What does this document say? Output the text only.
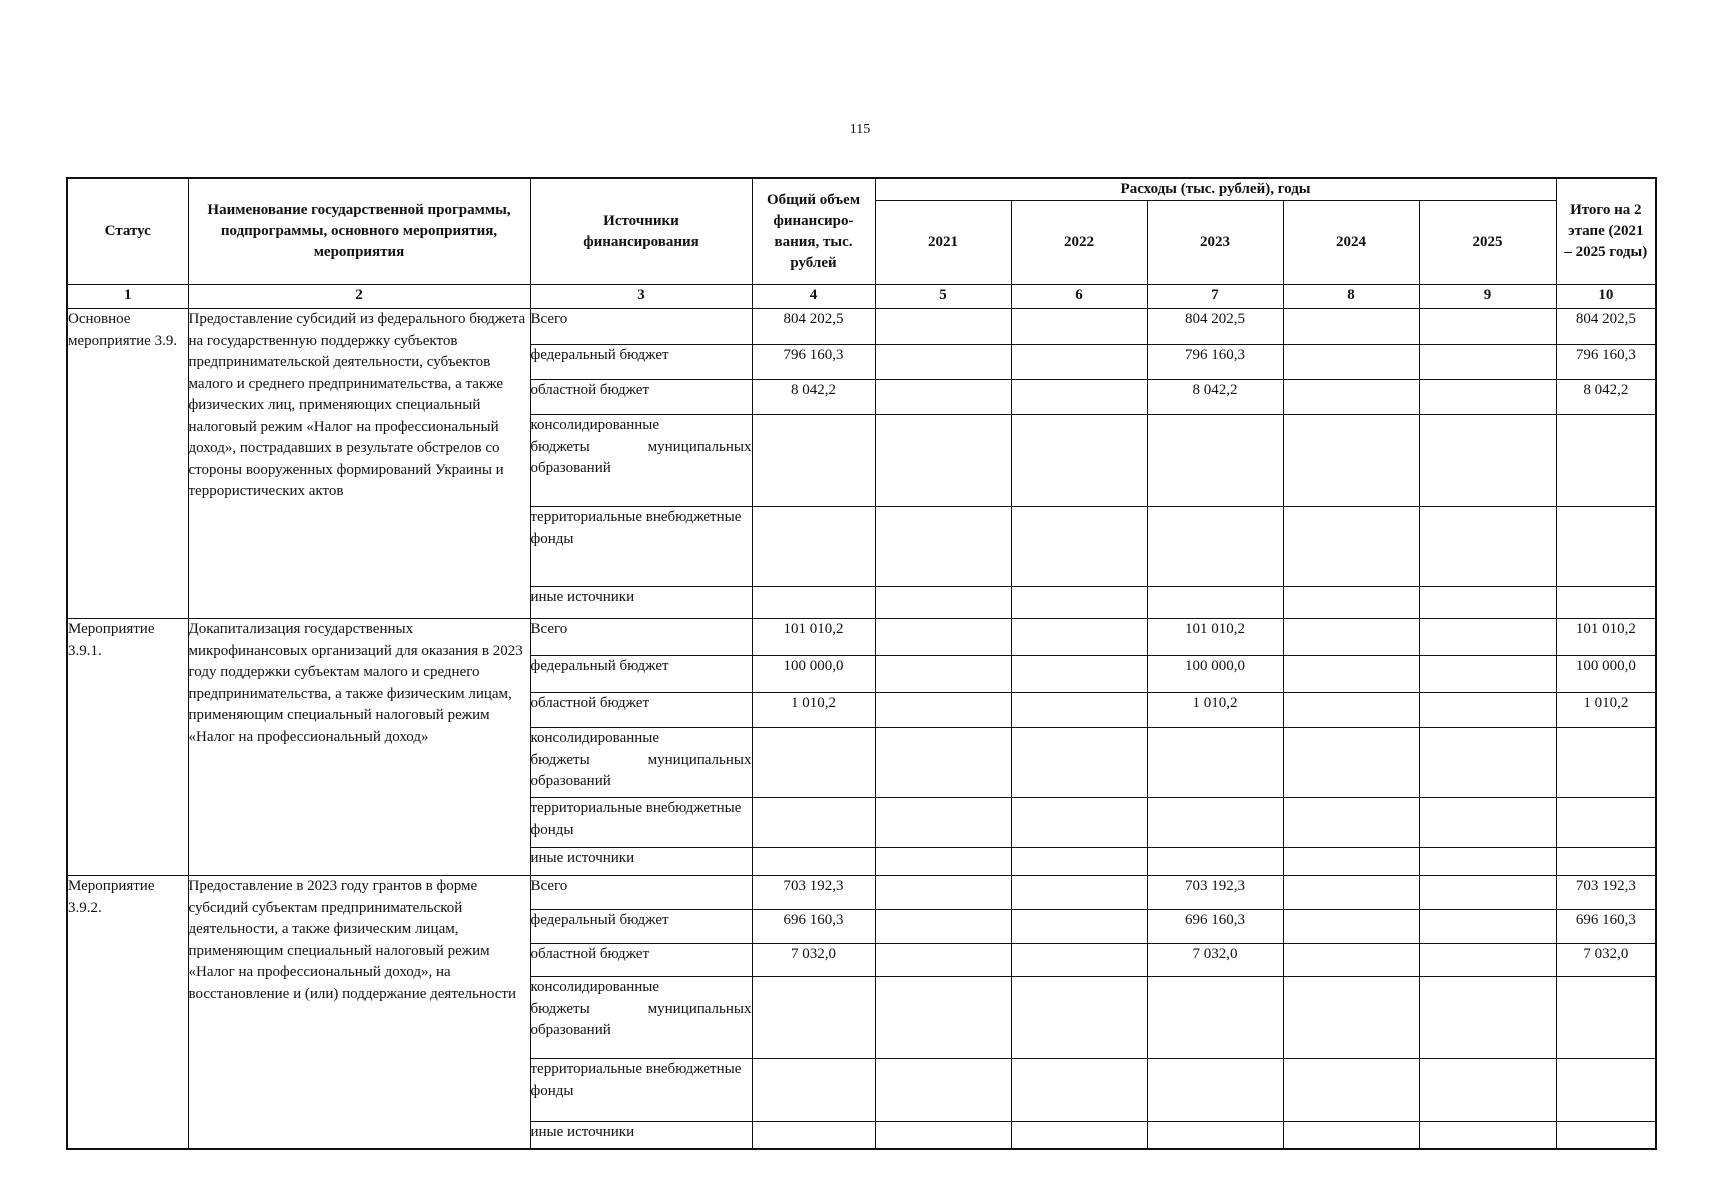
115
Статус	Наименование государственной программы, подпрограммы, основного мероприятия, мероприятия	Источники финансирования	Общий объем финансиро-вания, тыс. рублей	Расходы (тыс. рублей), годы					Итого на 2 этапе (2021 – 2025 годы)
				2021	2022	2023	2024	2025	
1	2	3	4	5	6	7	8	9	10
Основное мероприятие 3.9.	Предоставление субсидий из федерального бюджета на государственную поддержку субъектов предпринимательской деятельности, субъектов малого и среднего предпринимательства, а также физических лиц, применяющих специальный налоговый режим «Налог на профессиональный доход», пострадавших в результате обстрелов со стороны вооруженных формирований Украины и террористических актов	Всего	804 202,5			804 202,5			804 202,5
		федеральный бюджет	796 160,3			796 160,3			796 160,3
		областной бюджет	8 042,2			8 042,2			8 042,2

		консолидированные
бюджеты муниципальных
образований							

		территориальные внебюджетные фонды							
		иные источники							
Мероприятие 3.9.1.	Докапитализация государственных микрофинансовых организаций для оказания в 2023 году поддержки субъектам малого и среднего предпринимательства, а также физическим лицам, применяющим специальный налоговый режим «Налог на профессиональный доход»	Всего	101 010,2			101 010,2			101 010,2
		федеральный бюджет	100 000,0			100 000,0			100 000,0
		областной бюджет	1 010,2			1 010,2			1 010,2

		консолидированные
бюджеты муниципальных
образований							

		территориальные внебюджетные фонды							
		иные источники							
Мероприятие 3.9.2.	Предоставление в 2023 году грантов в форме субсидий субъектам предпринимательской деятельности, а также физическим лицам, применяющим специальный налоговый режим «Налог на профессиональный доход», на восстановление и (или) поддержание деятельности	Всего	703 192,3			703 192,3			703 192,3
		федеральный бюджет	696 160,3			696 160,3			696 160,3
		областной бюджет	7 032,0			7 032,0			7 032,0

		консолидированные
бюджеты муниципальных
образований							

		территориальные внебюджетные фонды							
		иные источники							
